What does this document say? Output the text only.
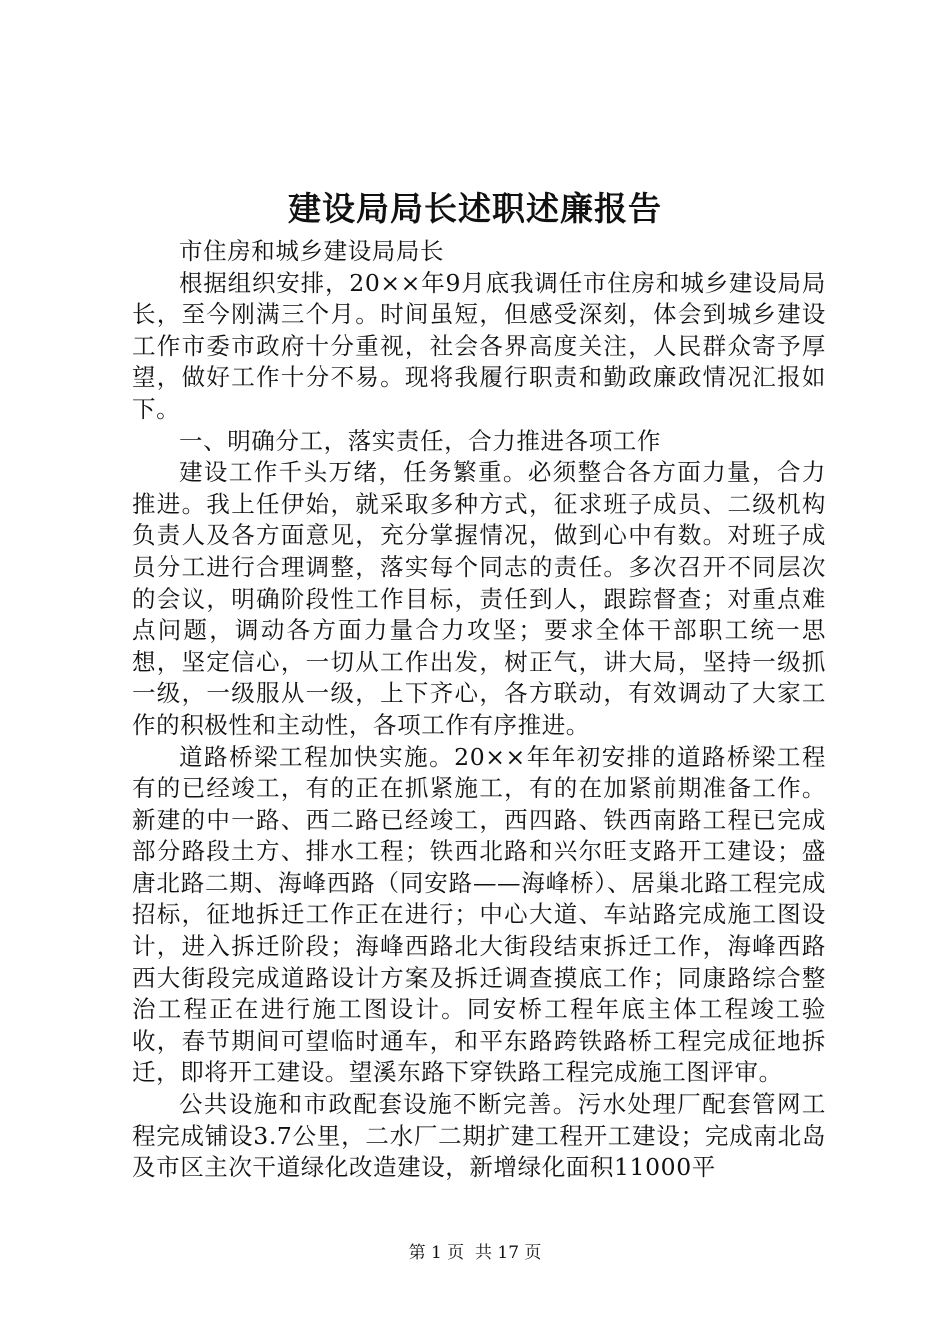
建设局局长述职述廉报告

市住房和城乡建设局局长

根据组织安排，20××年9月底我调任市住房和城乡建设局局长，至今刚满三个月。时间虽短，但感受深刻，体会到城乡建设工作市委市政府十分重视，社会各界高度关注，人民群众寄予厚望，做好工作十分不易。现将我履行职责和勤政廉政情况汇报如下。

一、明确分工，落实责任，合力推进各项工作

建设工作千头万绪，任务繁重。必须整合各方面力量，合力推进。我上任伊始，就采取多种方式，征求班子成员、二级机构负责人及各方面意见，充分掌握情况，做到心中有数。对班子成员分工进行合理调整，落实每个同志的责任。多次召开不同层次的会议，明确阶段性工作目标，责任到人，跟踪督查；对重点难点问题，调动各方面力量合力攻坚；要求全体干部职工统一思想，坚定信心，一切从工作出发，树正气，讲大局，坚持一级抓一级，一级服从一级，上下齐心，各方联动，有效调动了大家工作的积极性和主动性，各项工作有序推进。

道路桥梁工程加快实施。20××年年初安排的道路桥梁工程有的已经竣工，有的正在抓紧施工，有的在加紧前期准备工作。新建的中一路、西二路已经竣工，西四路、铁西南路工程已完成部分路段土方、排水工程；铁西北路和兴尔旺支路开工建设；盛唐北路二期、海峰西路（同安路——海峰桥）、居巢北路工程完成招标，征地拆迁工作正在进行；中心大道、车站路完成施工图设计，进入拆迁阶段；海峰西路北大街段结束拆迁工作，海峰西路西大街段完成道路设计方案及拆迁调查摸底工作；同康路综合整治工程正在进行施工图设计。同安桥工程年底主体工程竣工验收，春节期间可望临时通车，和平东路跨铁路桥工程完成征地拆迁，即将开工建设。望溪东路下穿铁路工程完成施工图评审。

公共设施和市政配套设施不断完善。污水处理厂配套管网工程完成铺设3.7公里，二水厂二期扩建工程开工建设；完成南北岛及市区主次干道绿化改造建设，新增绿化面积11000平

第 1 页  共 17 页
